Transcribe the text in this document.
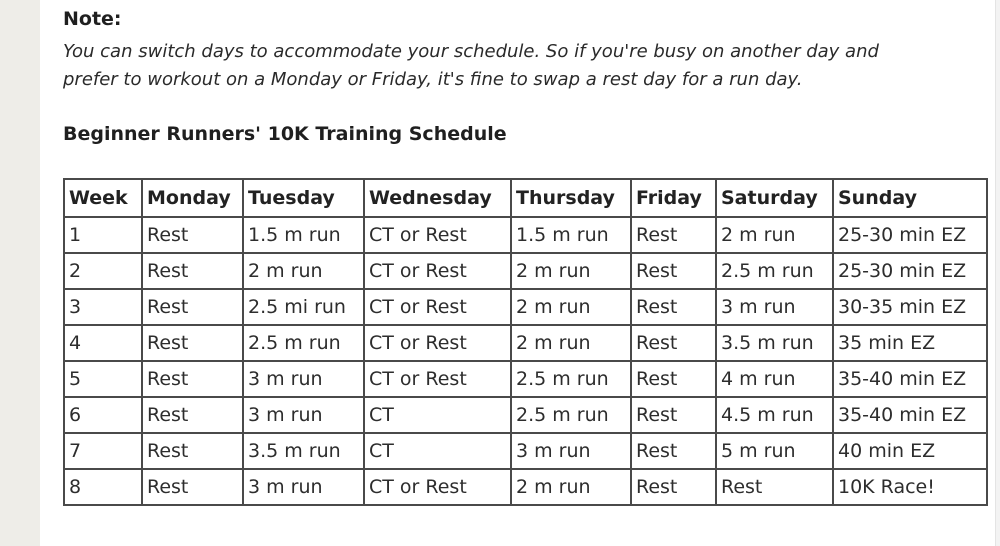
Note:
You can switch days to accommodate your schedule. So if you're busy on another day and
prefer to workout on a Monday or Friday, it's fine to swap a rest day for a run day.
Beginner Runners' 10K Training Schedule
Week	Monday	Tuesday	Wednesday	Thursday	Friday	Saturday	Sunday
1	Rest	1.5 m run	CT or Rest	1.5 m run	Rest	2 m run	25-30 min EZ
2	Rest	2 m run	CT or Rest	2 m run	Rest	2.5 m run	25-30 min EZ
3	Rest	2.5 mi run	CT or Rest	2 m run	Rest	3 m run	30-35 min EZ
4	Rest	2.5 m run	CT or Rest	2 m run	Rest	3.5 m run	35 min EZ
5	Rest	3 m run	CT or Rest	2.5 m run	Rest	4 m run	35-40 min EZ
6	Rest	3 m run	CT	2.5 m run	Rest	4.5 m run	35-40 min EZ
7	Rest	3.5 m run	CT	3 m run	Rest	5 m run	40 min EZ
8	Rest	3 m run	CT or Rest	2 m run	Rest	Rest	10K Race!
